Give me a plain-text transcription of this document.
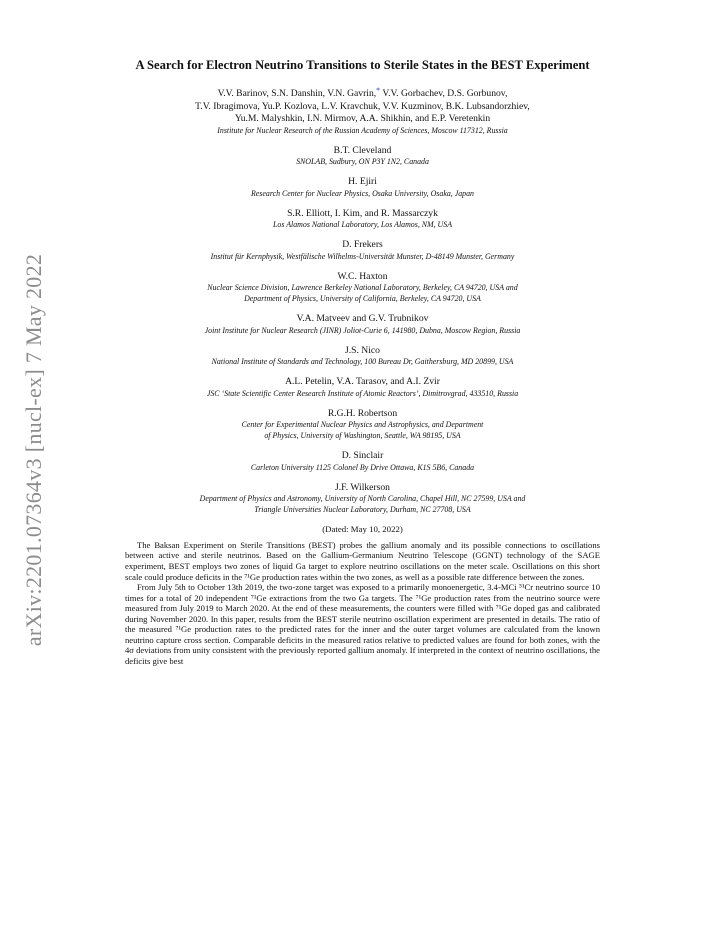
arXiv:2201.07364v3 [nucl-ex] 7 May 2022
A Search for Electron Neutrino Transitions to Sterile States in the BEST Experiment
V.V. Barinov, S.N. Danshin, V.N. Gavrin,* V.V. Gorbachev, D.S. Gorbunov,
T.V. Ibragimova, Yu.P. Kozlova, L.V. Kravchuk, V.V. Kuzminov, B.K. Lubsandorzhiev,
Yu.M. Malyshkin, I.N. Mirmov, A.A. Shikhin, and E.P. Veretenkin
Institute for Nuclear Research of the Russian Academy of Sciences, Moscow 117312, Russia
B.T. Cleveland
SNOLAB, Sudbury, ON P3Y 1N2, Canada
H. Ejiri
Research Center for Nuclear Physics, Osaka University, Osaka, Japan
S.R. Elliott, I. Kim, and R. Massarczyk
Los Alamos National Laboratory, Los Alamos, NM, USA
D. Frekers
Institut für Kernphysik, Westfälische Wilhelms-Universität Munster, D-48149 Munster, Germany
W.C. Haxton
Nuclear Science Division, Lawrence Berkeley National Laboratory, Berkeley, CA 94720, USA and
Department of Physics, University of California, Berkeley, CA 94720, USA
V.A. Matveev and G.V. Trubnikov
Joint Institute for Nuclear Research (JINR) Joliot-Curie 6, 141980, Dubna, Moscow Region, Russia
J.S. Nico
National Institute of Standards and Technology, 100 Bureau Dr, Gaithersburg, MD 20899, USA
A.L. Petelin, V.A. Tarasov, and A.I. Zvir
JSC ‘State Scientific Center Research Institute of Atomic Reactors’, Dimitrovgrad, 433510, Russia
R.G.H. Robertson
Center for Experimental Nuclear Physics and Astrophysics, and Department
of Physics, University of Washington, Seattle, WA 98195, USA
D. Sinclair
Carleton University 1125 Colonel By Drive Ottawa, K1S 5B6, Canada
J.F. Wilkerson
Department of Physics and Astronomy, University of North Carolina, Chapel Hill, NC 27599, USA and
Triangle Universities Nuclear Laboratory, Durham, NC 27708, USA
(Dated: May 10, 2022)

The Baksan Experiment on Sterile Transitions (BEST) probes the gallium anomaly and its possible connections to oscillations between active and sterile neutrinos. Based on the Gallium-Germanium Neutrino Telescope (GGNT) technology of the SAGE experiment, BEST employs two zones of liquid Ga target to explore neutrino oscillations on the meter scale. Oscillations on this short scale could produce deficits in the ⁷¹Ge production rates within the two zones, as well as a possible rate difference between the zones.

From July 5th to October 13th 2019, the two-zone target was exposed to a primarily monoenergetic, 3.4-MCi ⁵¹Cr neutrino source 10 times for a total of 20 independent ⁷¹Ge extractions from the two Ga targets. The ⁷¹Ge production rates from the neutrino source were measured from July 2019 to March 2020. At the end of these measurements, the counters were filled with ⁷¹Ge doped gas and calibrated during November 2020. In this paper, results from the BEST sterile neutrino oscillation experiment are presented in details. The ratio of the measured ⁷¹Ge production rates to the predicted rates for the inner and the outer target volumes are calculated from the known neutrino capture cross section. Comparable deficits in the measured ratios relative to predicted values are found for both zones, with the 4σ deviations from unity consistent with the previously reported gallium anomaly. If interpreted in the context of neutrino oscillations, the deficits give best
